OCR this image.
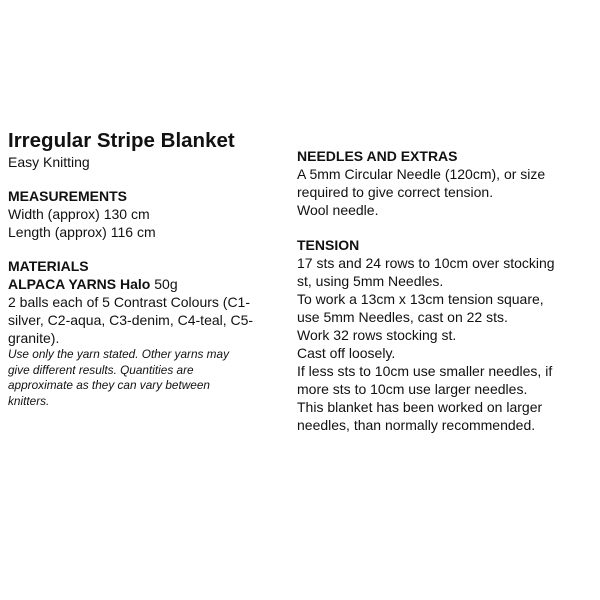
Irregular Stripe Blanket
Easy Knitting
MEASUREMENTS
Width (approx) 130 cm
Length (approx) 116 cm
MATERIALS
ALPACA YARNS Halo 50g
2 balls each of 5 Contrast Colours (C1-
silver, C2-aqua, C3-denim, C4-teal, C5-
granite).
Use only the yarn stated. Other yarns may
give different results. Quantities are
approximate as they can vary between
knitters.
NEEDLES AND EXTRAS
A 5mm Circular Needle (120cm), or size
required to give correct tension.
Wool needle.
TENSION
17 sts and 24 rows to 10cm over stocking
st, using 5mm Needles.
To work a 13cm x 13cm tension square,
use 5mm Needles, cast on 22 sts.
Work 32 rows stocking st.
Cast off loosely.
If less sts to 10cm use smaller needles, if
more sts to 10cm use larger needles.
This blanket has been worked on larger
needles, than normally recommended.
